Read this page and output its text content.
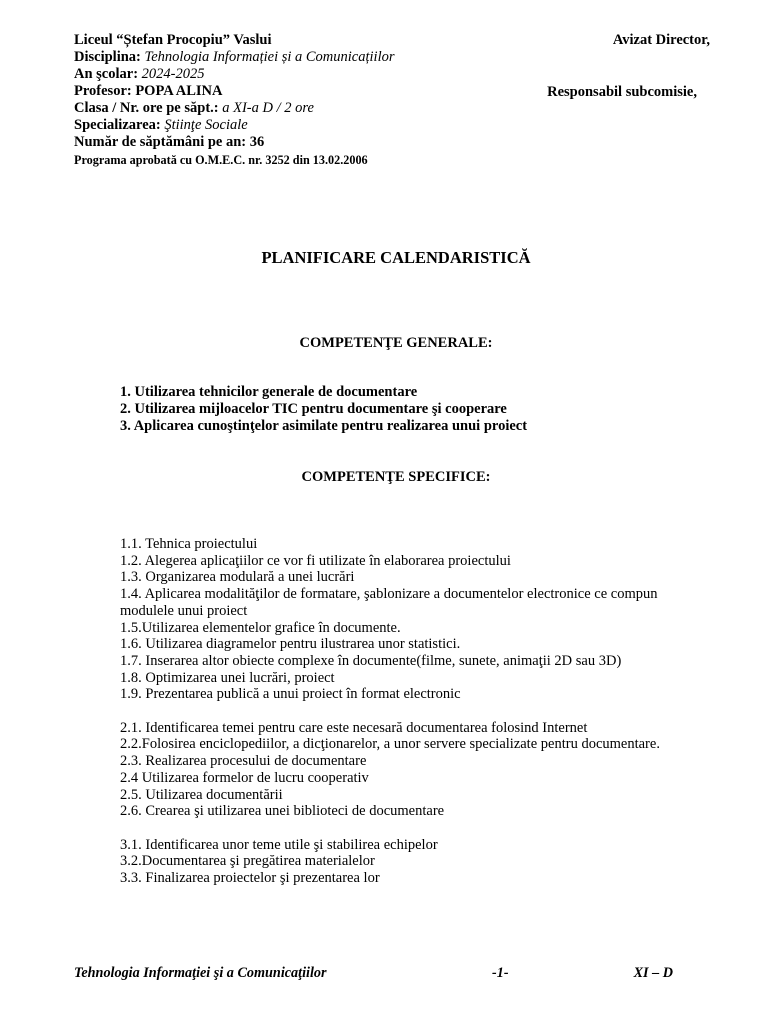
Liceul “Ștefan Procopiu” Vaslui
Disciplina: Tehnologia Informației și a Comunicațiilor
An şcolar: 2024-2025
Profesor: POPA ALINA
Clasa / Nr. ore pe săpt.: a XI-a D / 2 ore
Specializarea: Ştiinţe Sociale
Număr de săptămâni pe an: 36
Programa aprobată cu O.M.E.C. nr. 3252 din 13.02.2006
Avizat Director,
Responsabil subcomisie,
PLANIFICARE CALENDARISTICĂ
COMPETENŢE GENERALE:
1. Utilizarea tehnicilor generale de documentare
2. Utilizarea mijloacelor TIC pentru documentare şi cooperare
3. Aplicarea cunoştinţelor asimilate pentru realizarea unui proiect
COMPETENŢE SPECIFICE:
1.1. Tehnica proiectului
1.2. Alegerea aplicaţiilor ce vor fi utilizate în elaborarea proiectului
1.3. Organizarea modulară a unei lucrări
1.4. Aplicarea modalităţilor de formatare, şablonizare a documentelor electronice ce compun modulele unui proiect
1.5.Utilizarea elementelor grafice în documente.
1.6. Utilizarea diagramelor pentru ilustrarea unor statistici.
1.7. Inserarea altor obiecte complexe în documente(filme, sunete, animaţii 2D sau 3D)
1.8. Optimizarea unei lucrări, proiect
1.9. Prezentarea publică a unui proiect în format electronic
2.1. Identificarea temei pentru care este necesară documentarea folosind Internet
2.2.Folosirea enciclopediilor, a dicţionarelor, a unor servere specializate pentru documentare.
2.3. Realizarea procesului de documentare
2.4 Utilizarea formelor de lucru cooperativ
2.5. Utilizarea documentării
2.6. Crearea şi utilizarea unei biblioteci de documentare
3.1. Identificarea unor teme utile şi stabilirea echipelor
3.2.Documentarea şi pregătirea materialelor
3.3. Finalizarea proiectelor şi prezentarea lor
Tehnologia Informaţiei şi a Comunicaţiilor	-1-	XI – D
